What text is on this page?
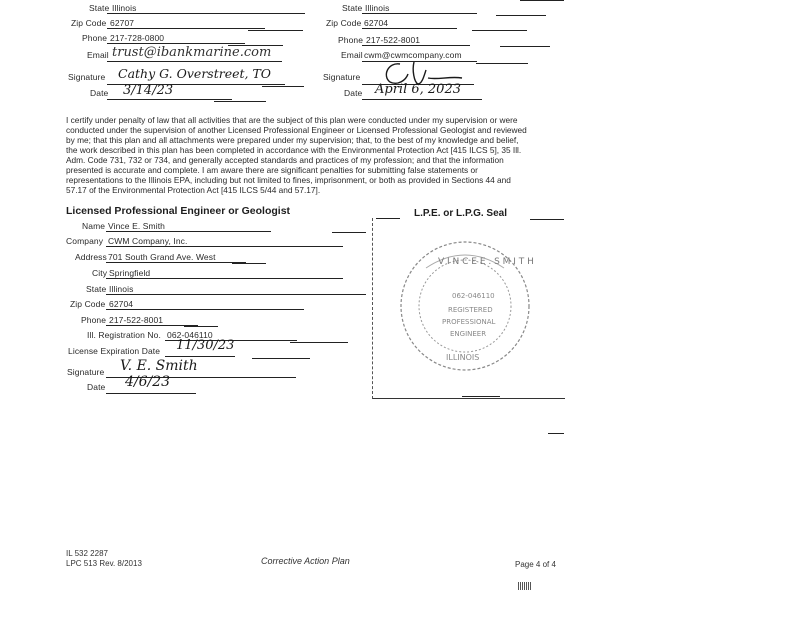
State Illinois
Zip Code 62707
Phone 217-728-0800
Email trust@ibankmarine.com
Signature Cathy G. Overstreet, TO
Date 3/14/23
State Illinois
Zip Code 62704
Phone 217-522-8001
Email cwm@cwmcompany.com
Signature
Date April 6, 2023
I certify under penalty of law that all activities that are the subject of this plan were conducted under my supervision or were
conducted under the supervision of another Licensed Professional Engineer or Licensed Professional Geologist and reviewed
by me; that this plan and all attachments were prepared under my supervision; that, to the best of my knowledge and belief,
the work described in this plan has been completed in accordance with the Environmental Protection Act [415 ILCS 5], 35 Ill.
Adm. Code 731, 732 or 734, and generally accepted standards and practices of my profession; and that the information
presented is accurate and complete. I am aware there are significant penalties for submitting false statements or
representations to the Illinois EPA, including but not limited to fines, imprisonment, or both as provided in Sections 44 and
57.17 of the Environmental Protection Act [415 ILCS 5/44 and 57.17].
Licensed Professional Engineer or Geologist	L.P.E. or L.P.G. Seal
V I N C E E . S M I T H
062-046110
REGISTERED
PROFESSIONAL
ENGINEER
ILLINOIS
Name Vince E. Smith
Company CWM Company, Inc.
Address 701 South Grand Ave. West
City Springfield
State Illinois
Zip Code 62704
Phone 217-522-8001
Ill. Registration No. 062-046110
License Expiration Date 11/30/23
Signature V. E. Smith
Date 4/6/23
IL 532 2287
LPC 513 Rev. 8/2013	Corrective Action Plan	Page 4 of 4
